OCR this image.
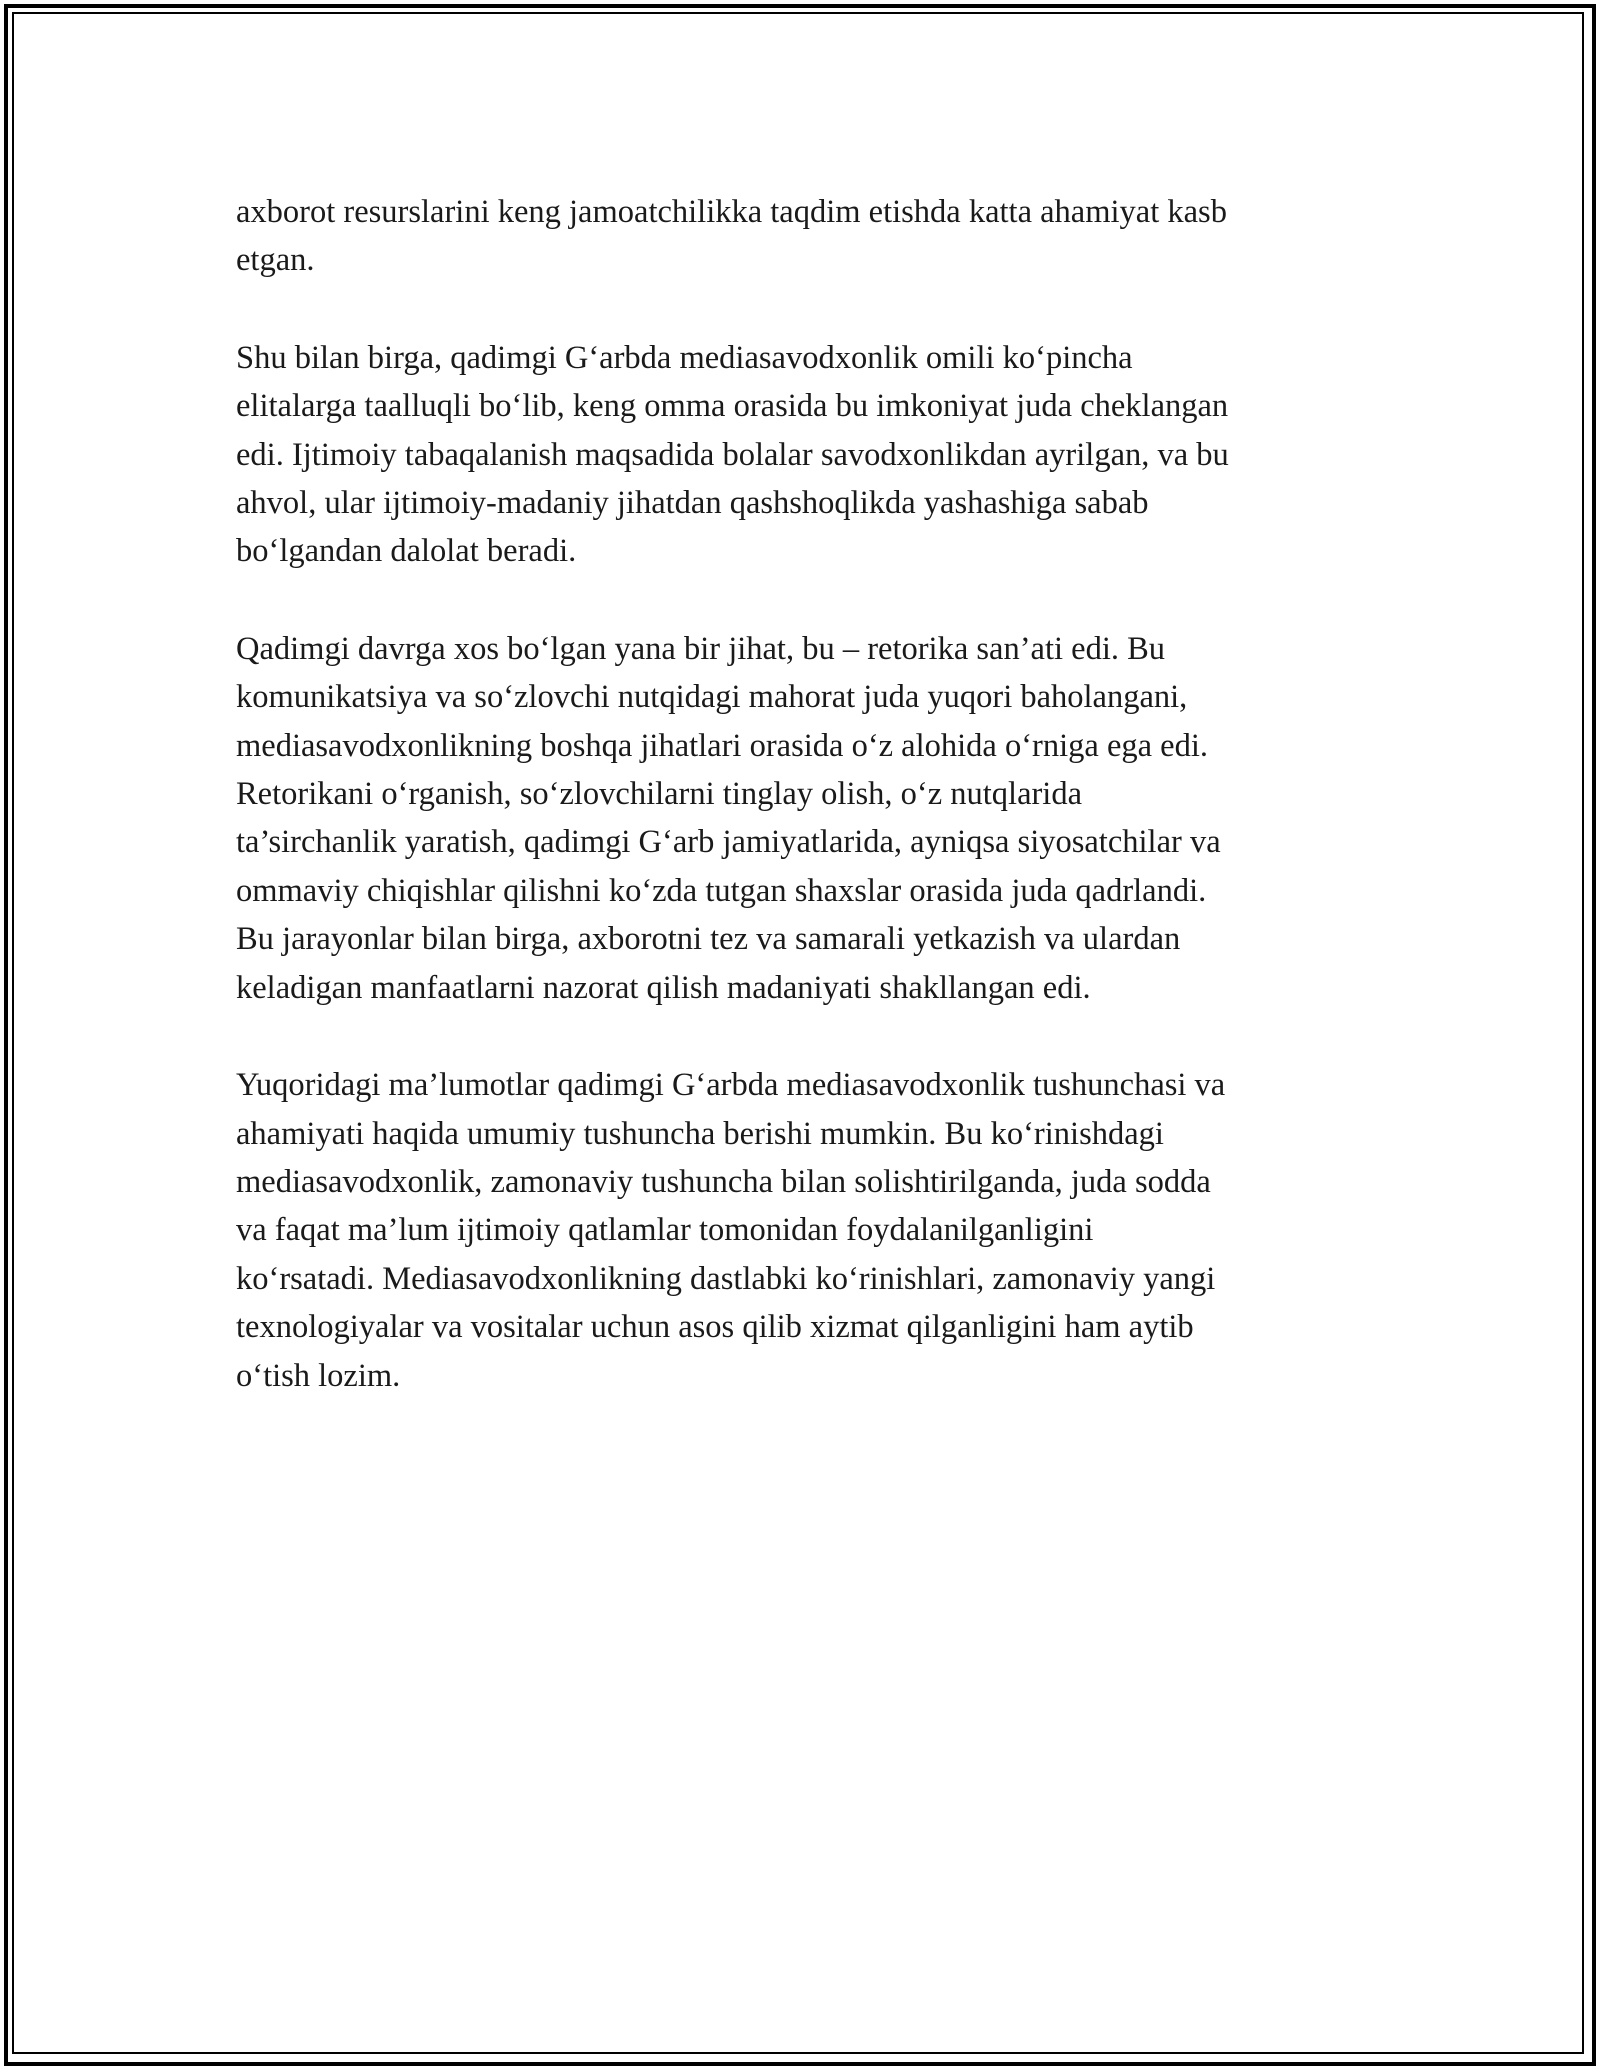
axborot resurslarini keng jamoatchilikka taqdim etishda katta ahamiyat kasb
etgan.

Shu bilan birga, qadimgi G‘arbda mediasavodxonlik omili ko‘pincha
elitalarga taalluqli bo‘lib, keng omma orasida bu imkoniyat juda cheklangan
edi. Ijtimoiy tabaqalanish maqsadida bolalar savodxonlikdan ayrilgan, va bu
ahvol, ular ijtimoiy-madaniy jihatdan qashshoqlikda yashashiga sabab
bo‘lgandan dalolat beradi.

Qadimgi davrga xos bo‘lgan yana bir jihat, bu – retorika san’ati edi. Bu
komunikatsiya va so‘zlovchi nutqidagi mahorat juda yuqori baholangani,
mediasavodxonlikning boshqa jihatlari orasida o‘z alohida o‘rniga ega edi.
Retorikani o‘rganish, so‘zlovchilarni tinglay olish, o‘z nutqlarida
ta’sirchanlik yaratish, qadimgi G‘arb jamiyatlarida, ayniqsa siyosatchilar va
ommaviy chiqishlar qilishni ko‘zda tutgan shaxslar orasida juda qadrlandi.
Bu jarayonlar bilan birga, axborotni tez va samarali yetkazish va ulardan
keladigan manfaatlarni nazorat qilish madaniyati shakllangan edi.

Yuqoridagi ma’lumotlar qadimgi G‘arbda mediasavodxonlik tushunchasi va
ahamiyati haqida umumiy tushuncha berishi mumkin. Bu ko‘rinishdagi
mediasavodxonlik, zamonaviy tushuncha bilan solishtirilganda, juda sodda
va faqat ma’lum ijtimoiy qatlamlar tomonidan foydalanilganligini
ko‘rsatadi. Mediasavodxonlikning dastlabki ko‘rinishlari, zamonaviy yangi
texnologiyalar va vositalar uchun asos qilib xizmat qilganligini ham aytib
o‘tish lozim.
